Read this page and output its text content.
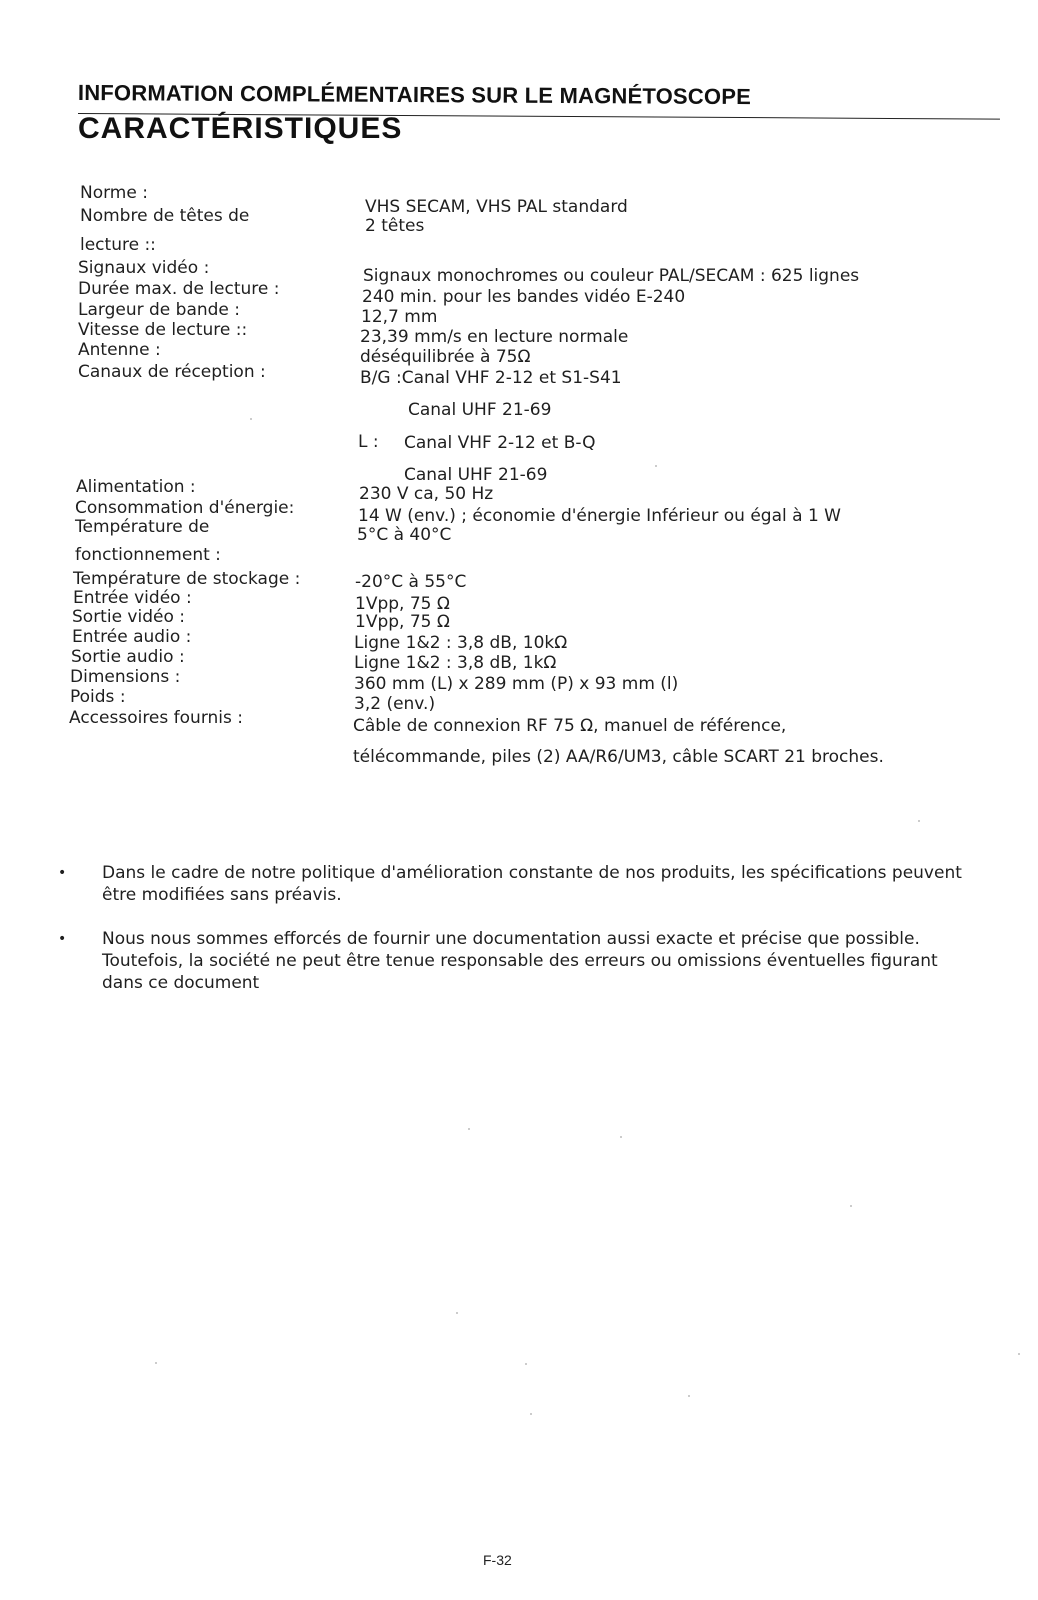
INFORMATION COMPLÉMENTAIRES SUR LE MAGNÉTOSCOPE
CARACTÉRISTIQUES
Norme :
Nombre de têtes de
lecture ::
Signaux vidéo :
Durée max. de lecture :
Largeur de bande :
Vitesse de lecture ::
Antenne :
Canaux de réception :
Alimentation :
Consommation d'énergie:
Température de
fonctionnement :
Température de stockage :
Entrée vidéo :
Sortie vidéo :
Entrée audio :
Sortie audio :
Dimensions :
Poids :
Accessoires fournis :
VHS SECAM, VHS PAL standard
2 têtes
Signaux monochromes ou couleur PAL/SECAM : 625 lignes
240 min. pour les bandes vidéo E-240
12,7 mm
23,39 mm/s en lecture normale
déséquilibrée à 75Ω
B/G :Canal VHF 2-12 et S1-S41
Canal UHF 21-69
L : Canal VHF 2-12 et B-Q
Canal UHF 21-69
230 V ca, 50 Hz
14 W (env.) ; économie d'énergie Inférieur ou égal à 1 W
5°C à 40°C
-20°C à 55°C
1Vpp, 75 Ω
1Vpp, 75 Ω
Ligne 1&2 : 3,8 dB, 10kΩ
Ligne 1&2 : 3,8 dB, 1kΩ
360 mm (L) x 289 mm (P) x 93 mm (l)
3,2 (env.)
Câble de connexion RF 75 Ω, manuel de référence,
télécommande, piles (2) AA/R6/UM3, câble SCART 21 broches.
• Dans le cadre de notre politique d'amélioration constante de nos produits, les spécifications peuvent être modifiées sans préavis.
• Nous nous sommes efforcés de fournir une documentation aussi exacte et précise que possible. Toutefois, la société ne peut être tenue responsable des erreurs ou omissions éventuelles figurant dans ce document
F-32
